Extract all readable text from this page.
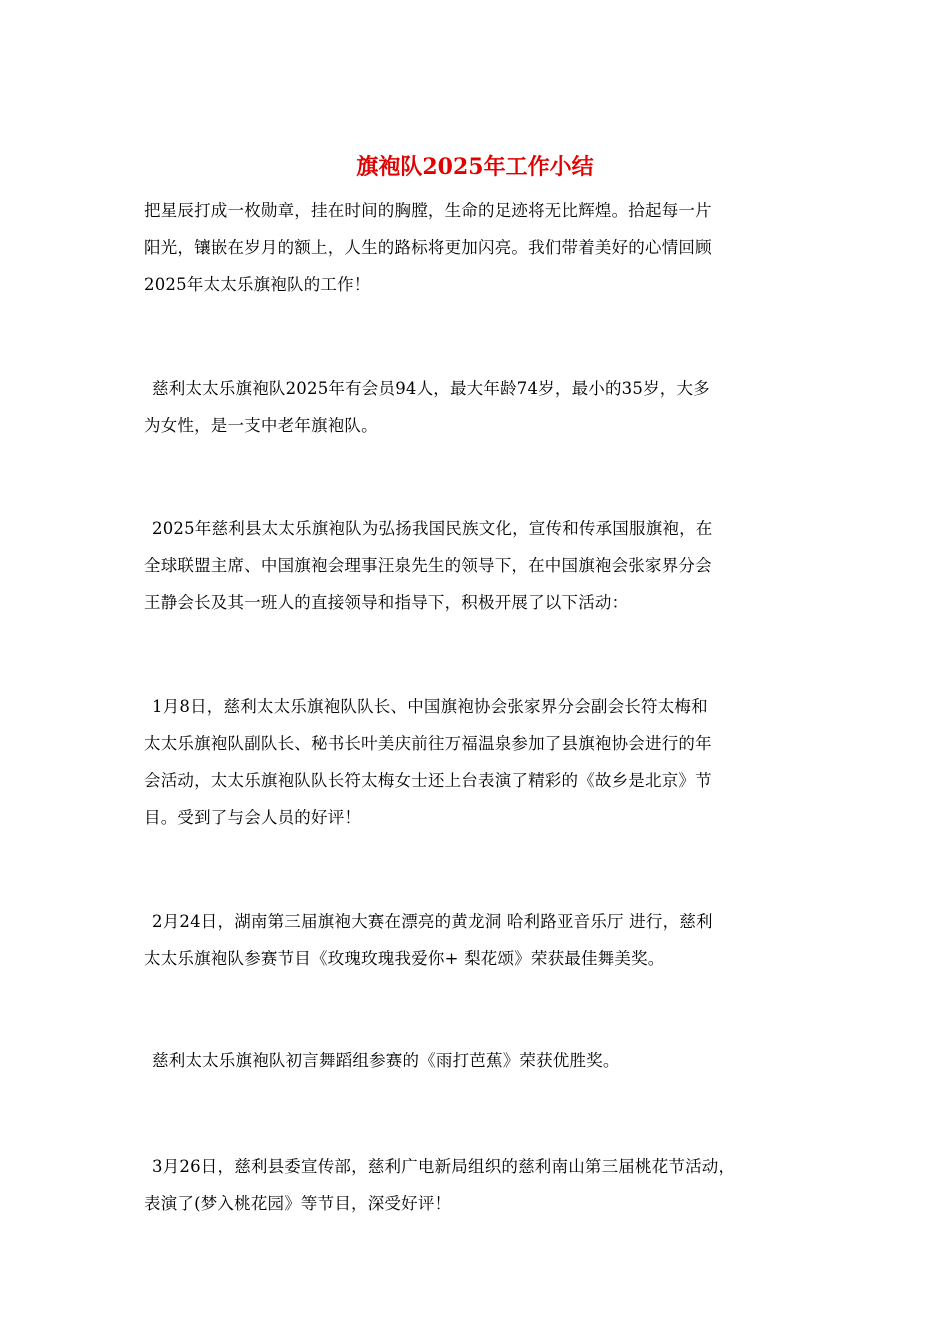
旗袍队2025年工作小结

把星辰打成一枚勋章，挂在时间的胸膛，生命的足迹将无比辉煌。拾起每一片
阳光，镶嵌在岁月的额上，人生的路标将更加闪亮。我们带着美好的心情回顾
2025年太太乐旗袍队的工作！

慈利太太乐旗袍队2025年有会员94人，最大年龄74岁，最小的35岁，大多
为女性，是一支中老年旗袍队。

2025年慈利县太太乐旗袍队为弘扬我国民族文化，宣传和传承国服旗袍，在
全球联盟主席、中国旗袍会理事汪泉先生的领导下，在中国旗袍会张家界分会
王静会长及其一班人的直接领导和指导下，积极开展了以下活动：

1月8日，慈利太太乐旗袍队队长、中国旗袍协会张家界分会副会长符太梅和
太太乐旗袍队副队长、秘书长叶美庆前往万福温泉参加了县旗袍协会进行的年
会活动，太太乐旗袍队队长符太梅女士还上台表演了精彩的《故乡是北京》节
目。受到了与会人员的好评！

2月24日，湖南第三届旗袍大赛在漂亮的黄龙洞 哈利路亚音乐厅 进行，慈利
太太乐旗袍队参赛节目《玫瑰玫瑰我爱你+ 梨花颂》荣获最佳舞美奖。

慈利太太乐旗袍队初言舞蹈组参赛的《雨打芭蕉》荣获优胜奖。

3月26日，慈利县委宣传部，慈利广电新局组织的慈利南山第三届桃花节活动，
表演了(梦入桃花园》等节目，深受好评！
